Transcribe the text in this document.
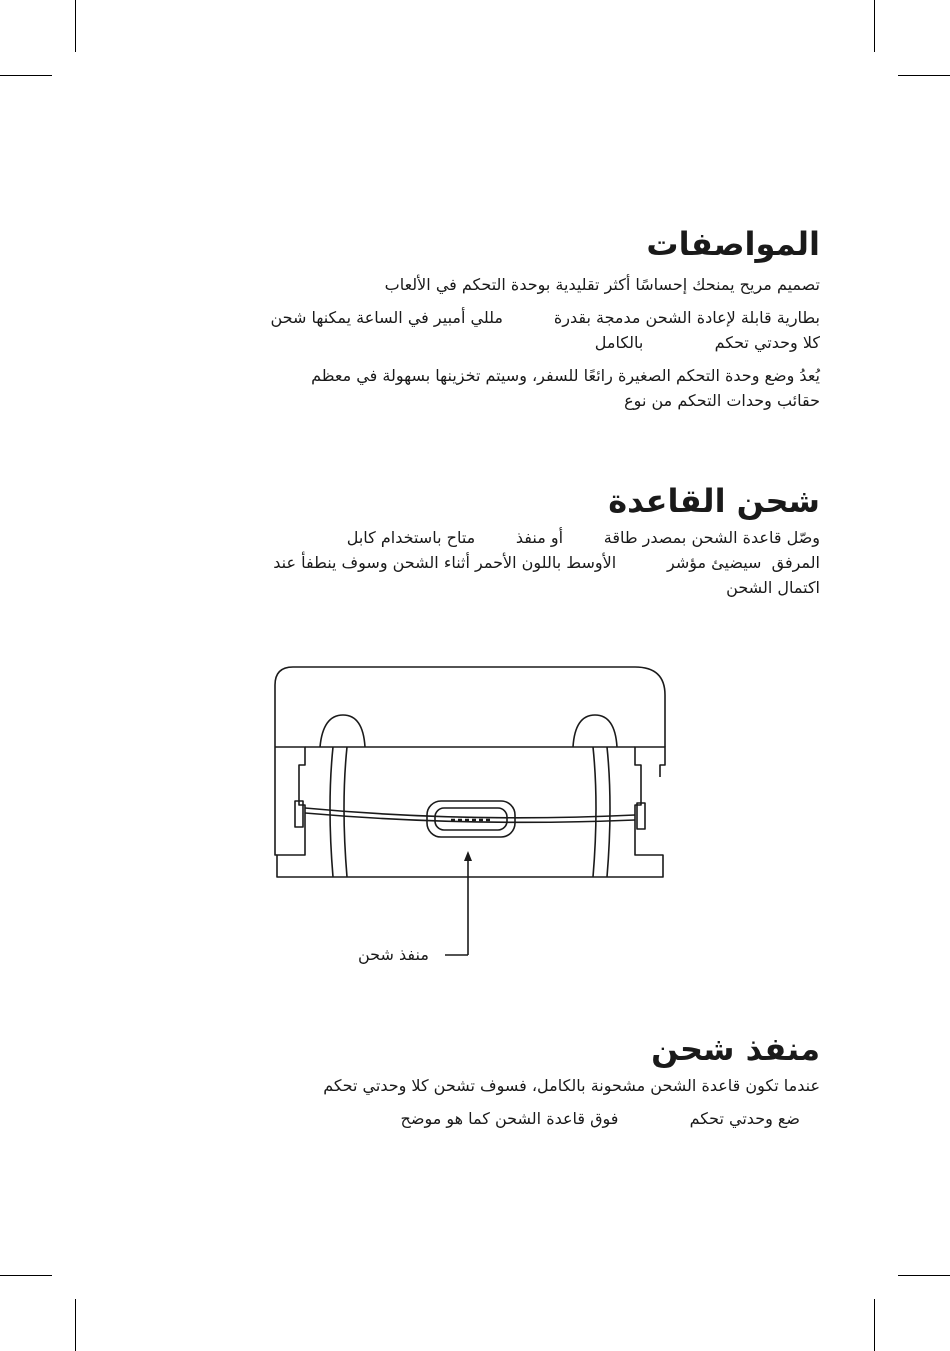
المواصفات

تصميم مريح يمنحك إحساسًا أكثر تقليدية بوحدة التحكم في الألعاب

بطارية قابلة لإعادة الشحن مدمجة بقدرة          مللي أمبير في الساعة يمكنها شحن

كلا وحدتي تحكم              بالكامل

يُعدُ وضع وحدة التحكم الصغيرة رائعًا للسفر، وسيتم تخزينها بسهولة في معظم

حقائب وحدات التحكم من نوع

شحن القاعدة

وصّل قاعدة الشحن بمصدر طاقة        أو منفذ        متاح باستخدام كابل

المرفق  سيضيئ مؤشر          الأوسط باللون الأحمر أثناء الشحن وسوف ينطفأ عند

اكتمال الشحن

منفذ شحن
منفذ شحن

عندما تكون قاعدة الشحن مشحونة بالكامل، فسوف تشحن كلا وحدتي تحكم

ضع وحدتي تحكم              فوق قاعدة الشحن كما هو موضح
